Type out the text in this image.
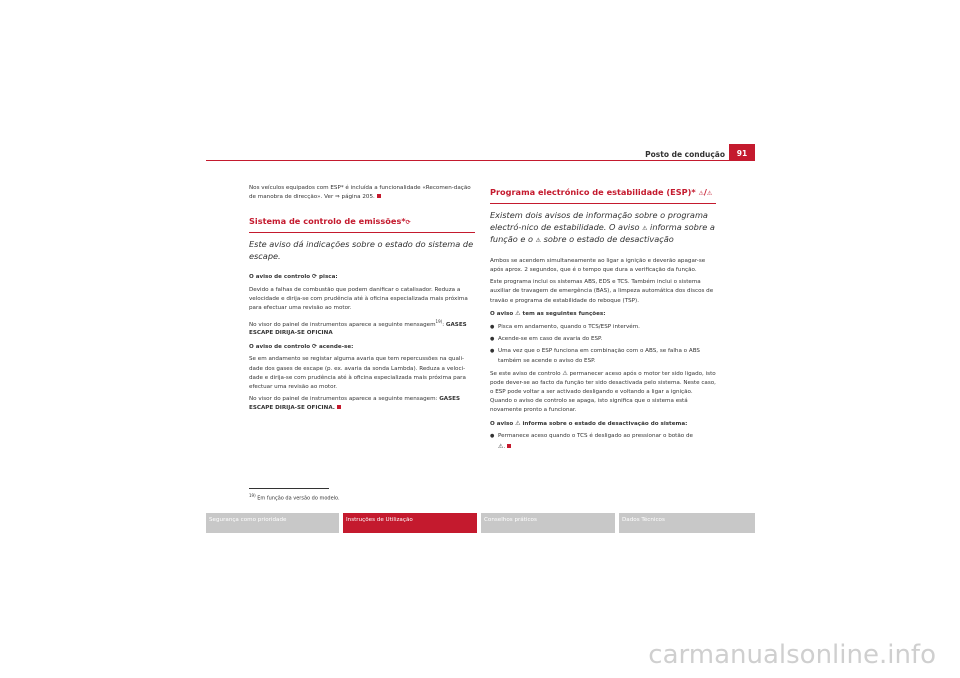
Posto de condução	91

Nos veículos equipados com ESP* é incluída a funcionalidade «Recomen-dação de manobra de direcção». Ver ⇒ página 205.

Sistema de controlo de emissões*⟳
Este aviso dá indicações sobre o estado do sistema de escape.

O aviso de controlo ⟳ pisca:

Devido a falhas de combustão que podem danificar o catalisador. Reduza a velocidade e dirija-se com prudência até à oficina especializada mais próxima para efectuar uma revisão ao motor.

No visor do painel de instrumentos aparece a seguinte mensagem$^{19)}$: GASES ESCAPE DIRIJA-SE OFICINA

O aviso de controlo ⟳ acende-se:

Se em andamento se registar alguma avaria que tem repercussões na quali-dade dos gases de escape (p. ex. avaria da sonda Lambda). Reduza a veloci-dade e dirija-se com prudência até à oficina especializada mais próxima para efectuar uma revisão ao motor.

No visor do painel de instrumentos aparece a seguinte mensagem: GASES ESCAPE DIRIJA-SE OFICINA.

$^{19)}$ Em função da versão do modelo.
Programa electrónico de estabilidade (ESP)* ⚠/⚠
Existem dois avisos de informação sobre o programa electró-nico de estabilidade. O aviso ⚠ informa sobre a função e o ⚠ sobre o estado de desactivação

Ambos se acendem simultaneamente ao ligar a ignição e deverão apagar-se após aprox. 2 segundos, que é o tempo que dura a verificação da função.

Este programa inclui os sistemas ABS, EDS e TCS. Também inclui o sistema auxiliar de travagem de emergência (BAS), a limpeza automática dos discos de travão e programa de estabilidade do reboque (TSP).

O aviso ⚠ tem as seguintes funções:

● Pisca em andamento, quando o TCS/ESP intervém.

● Acende-se em caso de avaria do ESP.

● Uma vez que o ESP funciona em combinação com o ABS, se falha o ABS também se acende o aviso do ESP.

Se este aviso de controlo ⚠ permanecer aceso após o motor ter sido ligado, isto pode dever-se ao facto da função ter sido desactivada pelo sistema. Neste caso, o ESP pode voltar a ser activado desligando e voltando a ligar a ignição. Quando o aviso de controlo se apaga, isto significa que o sistema está novamente pronto a funcionar.

O aviso ⚠ informa sobre o estado de desactivação do sistema:

● Permanece aceso quando o TCS é desligado ao pressionar o botão de
⚠.

Segurança como prioridade	Instruções de Utilização	Conselhos práticos	Dados Técnicos
carmanualsonline.info
